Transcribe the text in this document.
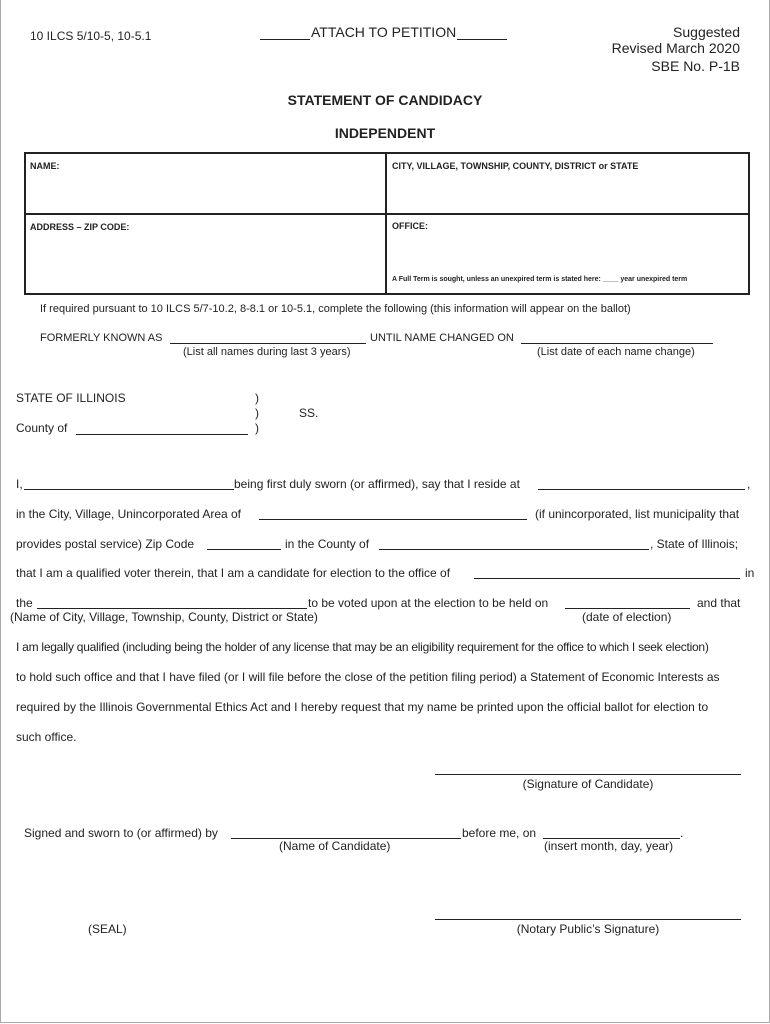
10 ILCS 5/10-5, 10-5.1	ATTACH TO PETITION	Suggested
Revised March 2020
SBE No. P-1B
STATEMENT OF CANDIDACY
INDEPENDENT
NAME:	CITY, VILLAGE, TOWNSHIP, COUNTY, DISTRICT or STATE
ADDRESS – ZIP CODE:	OFFICE:
A Full Term is sought, unless an unexpired term is stated here: ____ year unexpired term
If required pursuant to 10 ILCS 5/7-10.2, 8-8.1 or 10-5.1, complete the following (this information will appear on the ballot)
FORMERLY KNOWN AS	UNTIL NAME CHANGED ON
(List all names during last 3 years)	(List date of each name change)
STATE OF ILLINOIS	)
)	SS.
County of	)
I,	being first duly sworn (or affirmed), say that I reside at	,
in the City, Village, Unincorporated Area of	(if unincorporated, list municipality that
provides postal service) Zip Code	in the County of	, State of Illinois;
that I am a qualified voter therein, that I am a candidate for election to the office of	in
the	to be voted upon at the election to be held on	and that
(Name of City, Village, Township, County, District or State)	(date of election)
I am legally qualified (including being the holder of any license that may be an eligibility requirement for the office to which I seek election)
to hold such office and that I have filed (or I will file before the close of the petition filing period) a Statement of Economic Interests as
required by the Illinois Governmental Ethics Act and I hereby request that my name be printed upon the official ballot for election to
such office.
(Signature of Candidate)
Signed and sworn to (or affirmed) by	before me, on	.
(Name of Candidate)	(insert month, day, year)
(SEAL)	(Notary Public’s Signature)
